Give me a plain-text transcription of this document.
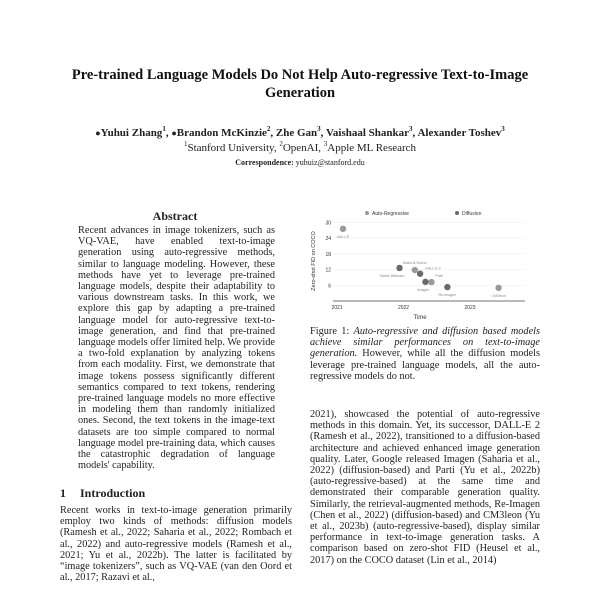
Pre-trained Language Models Do Not Help Auto-regressive Text-to-Image Generation
●Yuhui Zhang$^1$, ●Brandon McKinzie$^2$, Zhe Gan$^3$, Vaishaal Shankar$^3$, Alexander Toshev$^3$
$^1$Stanford University, $^2$OpenAI, $^3$Apple ML Research
Correspondence: yuhuiz@stanford.edu
Abstract
Recent advances in image tokenizers, such as VQ-VAE, have enabled text-to-image generation using auto-regressive methods, similar to language modeling. However, these methods have yet to leverage pre-trained language models, despite their adaptability to various downstream tasks. In this work, we explore this gap by adapting a pre-trained language model for auto-regressive text-to-image generation, and find that pre-trained language models offer limited help. We provide a two-fold explanation by analyzing tokens from each modality. First, we demonstrate that image tokens possess significantly different semantics compared to text tokens, rendering pre-trained language models no more effective in modeling them than randomly initialized ones. Second, the text tokens in the image-text datasets are too simple compared to normal language model pre-training data, which causes the catastrophic degradation of language models' capability.
1 Introduction
Recent works in text-to-image generation primarily employ two kinds of methods: diffusion models (Ramesh et al., 2022; Saharia et al., 2022; Rombach et al., 2022) and auto-regressive models (Ramesh et al., 2021; Yu et al., 2022b). The latter is facilitated by “image tokenizers”, such as VQ-VAE (van den Oord et al., 2017; Razavi et al.,
6
12
18
24
30
2021	2022	2023
Time
Zero-shot FID on COCO
Auto-Regressive	Diffusion
DALL-E
Stable Diffusion
Make-A-Scene
DALL-E 2
Imagen
Parti
Re-Imagen	CM3leon
Figure 1: Auto-regressive and diffusion based models achieve similar performances on text-to-image generation. However, while all the diffusion models leverage pre-trained language models, all the auto-regressive models do not.
2021), showcased the potential of auto-regressive methods in this domain. Yet, its successor, DALL-E 2 (Ramesh et al., 2022), transitioned to a diffusion-based architecture and achieved enhanced image generation quality. Later, Google released Imagen (Saharia et al., 2022) (diffusion-based) and Parti (Yu et al., 2022b) (auto-regressive-based) at the same time and demonstrated their comparable generation quality. Similarly, the retrieval-augmented methods, Re-Imagen (Chen et al., 2022) (diffusion-based) and CM3leon (Yu et al., 2023b) (auto-regressive-based), display similar performance in text-to-image generation tasks. A comparison based on zero-shot FID (Heusel et al., 2017) on the COCO dataset (Lin et al., 2014)
